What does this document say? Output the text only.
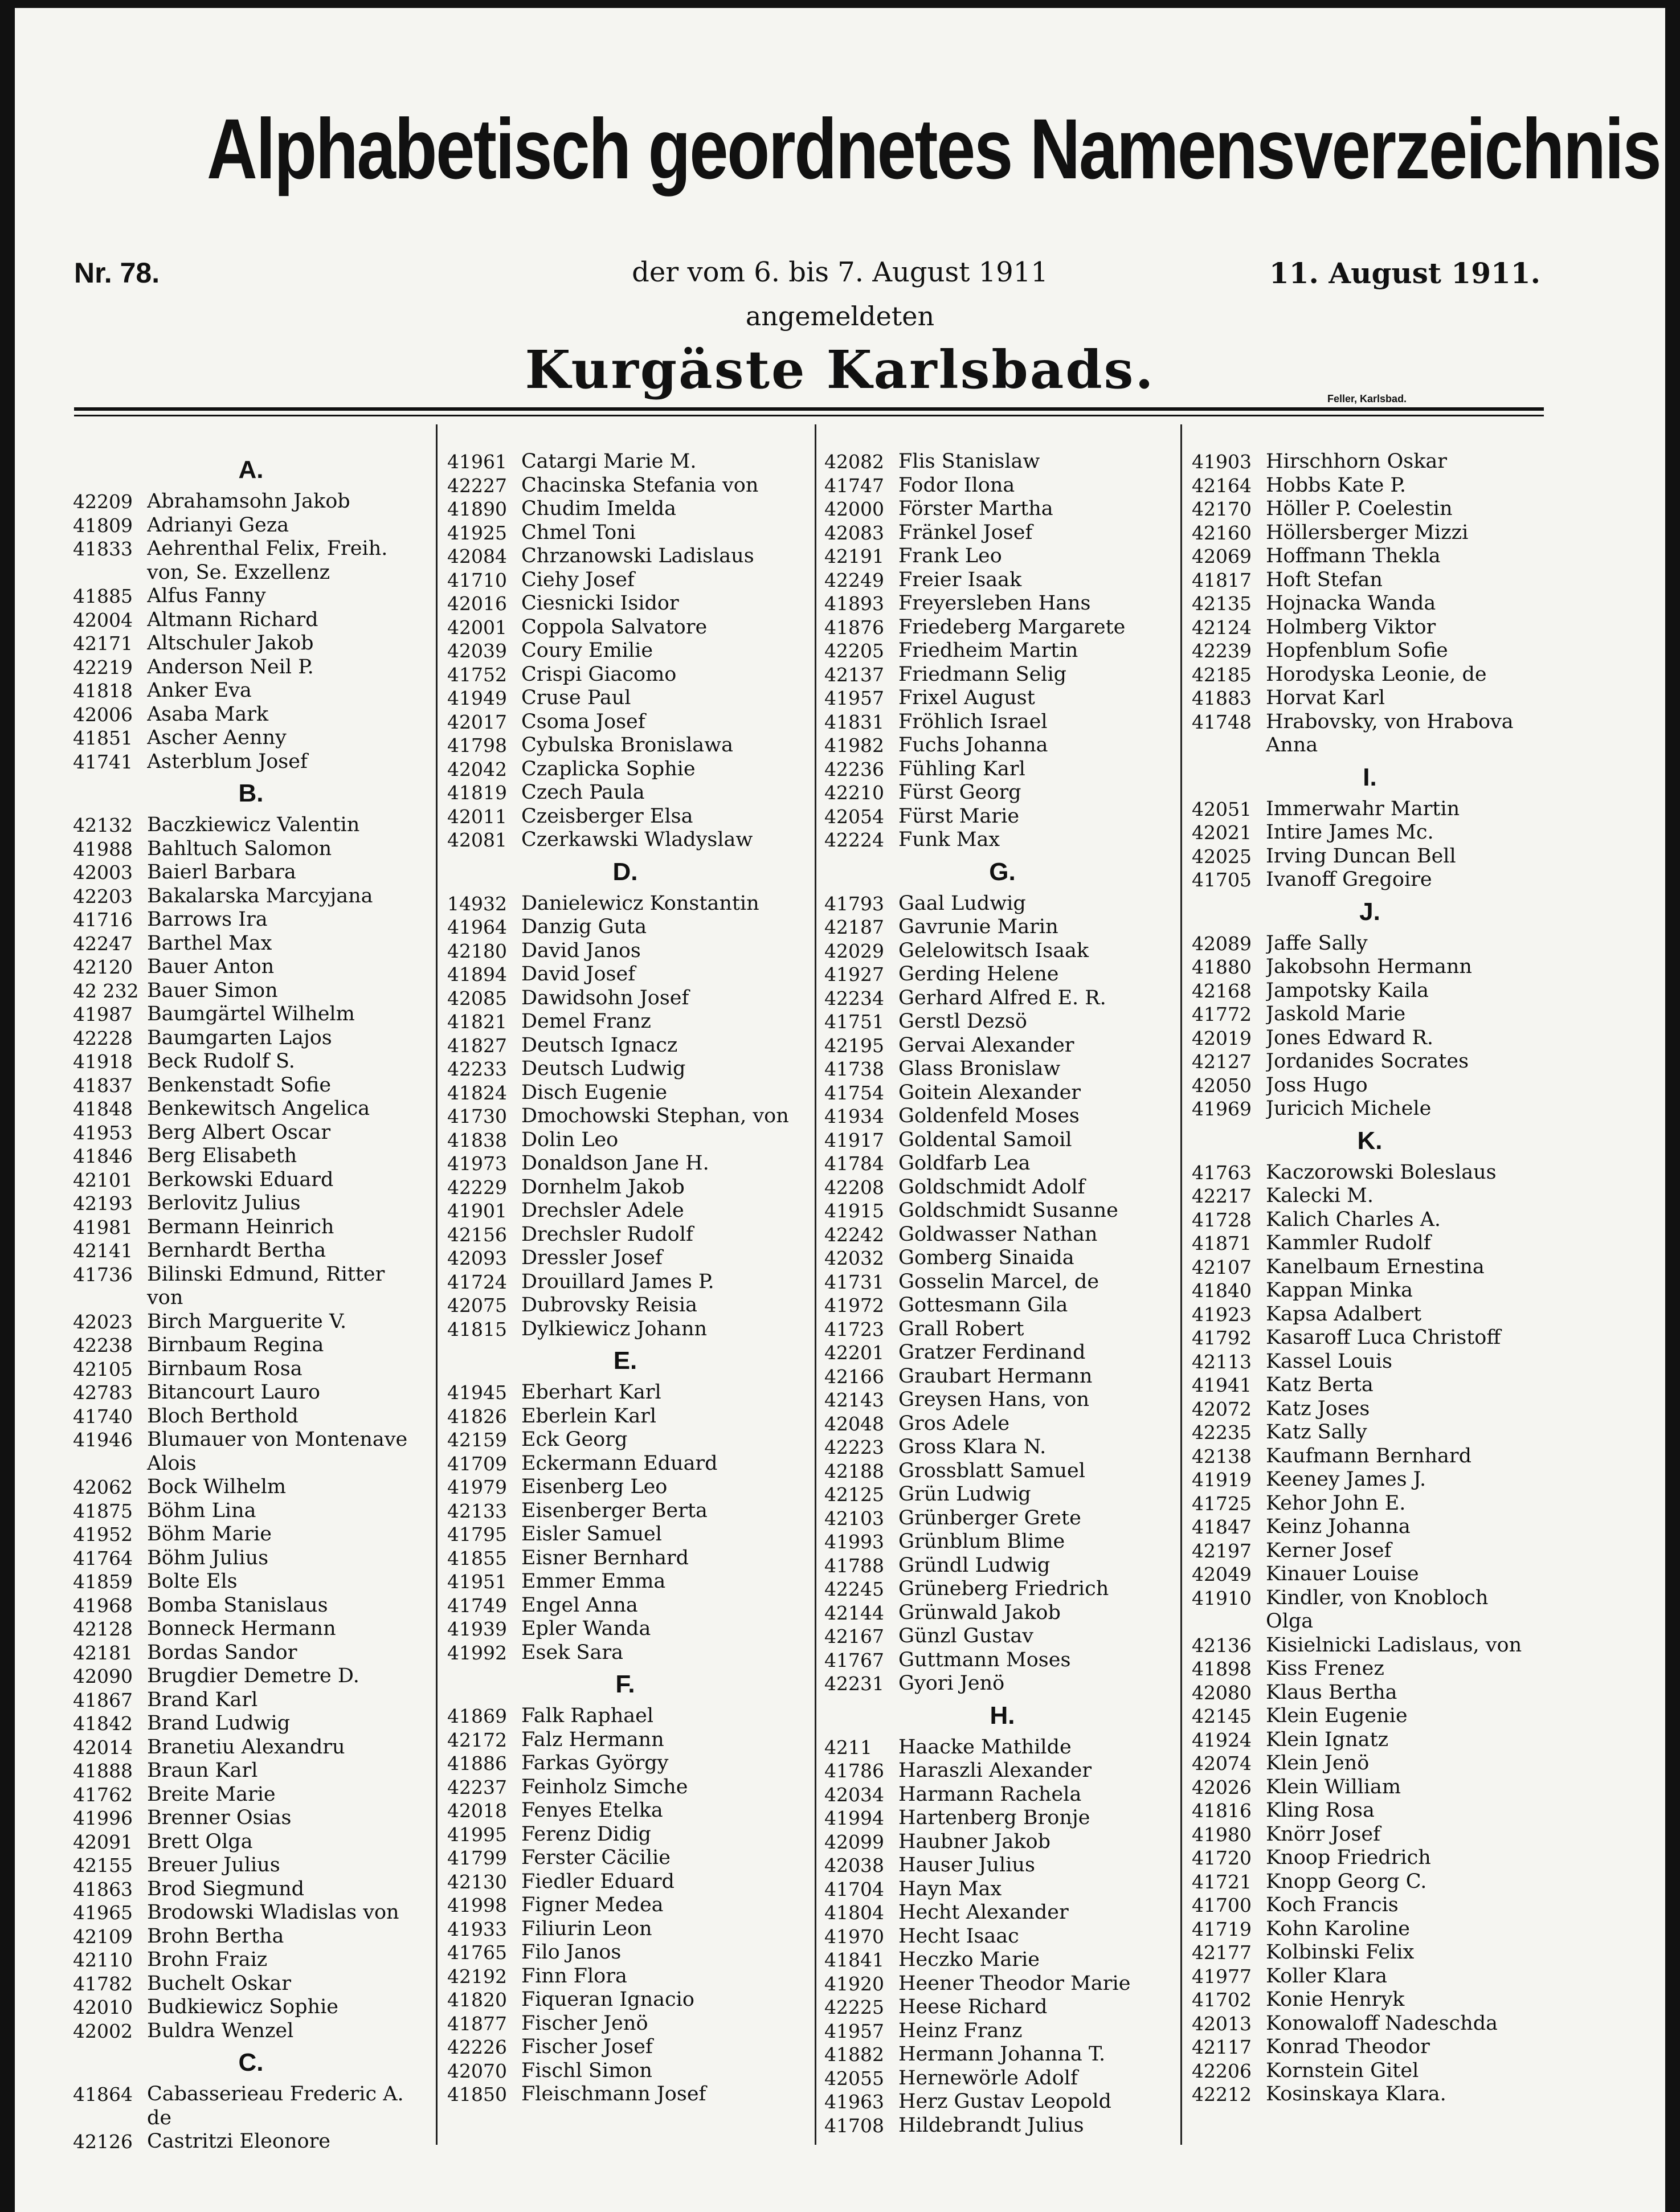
Alphabetisch geordnetes Namensverzeichnis
Nr. 78.	der vom 6. bis 7. August 1911	11. August 1911.
angemeldeten
Kurgäste Karlsbads.	Feller, Karlsbad.
A.
42209 Abrahamsohn Jakob
41809 Adrianyi Geza
41833 Aehrenthal Felix, Freih.
von, Se. Exzellenz
41885 Alfus Fanny
42004 Altmann Richard
42171 Altschuler Jakob
42219 Anderson Neil P.
41818 Anker Eva
42006 Asaba Mark
41851 Ascher Aenny
41741 Asterblum Josef
B.
42132 Baczkiewicz Valentin
41988 Bahltuch Salomon
42003 Baierl Barbara
42203 Bakalarska Marcyjana
41716 Barrows Ira
42247 Barthel Max
42120 Bauer Anton
42 232 Bauer Simon
41987 Baumgärtel Wilhelm
42228 Baumgarten Lajos
41918 Beck Rudolf S.
41837 Benkenstadt Sofie
41848 Benkewitsch Angelica
41953 Berg Albert Oscar
41846 Berg Elisabeth
42101 Berkowski Eduard
42193 Berlovitz Julius
41981 Bermann Heinrich
42141 Bernhardt Bertha
41736 Bilinski Edmund, Ritter
von
42023 Birch Marguerite V.
42238 Birnbaum Regina
42105 Birnbaum Rosa
42783 Bitancourt Lauro
41740 Bloch Berthold
41946 Blumauer von Montenave
Alois
42062 Bock Wilhelm
41875 Böhm Lina
41952 Böhm Marie
41764 Böhm Julius
41859 Bolte Els
41968 Bomba Stanislaus
42128 Bonneck Hermann
42181 Bordas Sandor
42090 Brugdier Demetre D.
41867 Brand Karl
41842 Brand Ludwig
42014 Branetiu Alexandru
41888 Braun Karl
41762 Breite Marie
41996 Brenner Osias
42091 Brett Olga
42155 Breuer Julius
41863 Brod Siegmund
41965 Brodowski Wladislas von
42109 Brohn Bertha
42110 Brohn Fraiz
41782 Buchelt Oskar
42010 Budkiewicz Sophie
42002 Buldra Wenzel
C.
41864 Cabasserieau Frederic A.
de
42126 Castritzi Eleonore
41961 Catargi Marie M.
42227 Chacinska Stefania von
41890 Chudim Imelda
41925 Chmel Toni
42084 Chrzanowski Ladislaus
41710 Ciehy Josef
42016 Ciesnicki Isidor
42001 Coppola Salvatore
42039 Coury Emilie
41752 Crispi Giacomo
41949 Cruse Paul
42017 Csoma Josef
41798 Cybulska Bronislawa
42042 Czaplicka Sophie
41819 Czech Paula
42011 Czeisberger Elsa
42081 Czerkawski Wladyslaw
D.
14932 Danielewicz Konstantin
41964 Danzig Guta
42180 David Janos
41894 David Josef
42085 Dawidsohn Josef
41821 Demel Franz
41827 Deutsch Ignacz
42233 Deutsch Ludwig
41824 Disch Eugenie
41730 Dmochowski Stephan, von
41838 Dolin Leo
41973 Donaldson Jane H.
42229 Dornhelm Jakob
41901 Drechsler Adele
42156 Drechsler Rudolf
42093 Dressler Josef
41724 Drouillard James P.
42075 Dubrovsky Reisia
41815 Dylkiewicz Johann
E.
41945 Eberhart Karl
41826 Eberlein Karl
42159 Eck Georg
41709 Eckermann Eduard
41979 Eisenberg Leo
42133 Eisenberger Berta
41795 Eisler Samuel
41855 Eisner Bernhard
41951 Emmer Emma
41749 Engel Anna
41939 Epler Wanda
41992 Esek Sara
F.
41869 Falk Raphael
42172 Falz Hermann
41886 Farkas György
42237 Feinholz Simche
42018 Fenyes Etelka
41995 Ferenz Didig
41799 Ferster Cäcilie
42130 Fiedler Eduard
41998 Figner Medea
41933 Filiurin Leon
41765 Filo Janos
42192 Finn Flora
41820 Fiqueran Ignacio
41877 Fischer Jenö
42226 Fischer Josef
42070 Fischl Simon
41850 Fleischmann Josef
42082 Flis Stanislaw
41747 Fodor Ilona
42000 Förster Martha
42083 Fränkel Josef
42191 Frank Leo
42249 Freier Isaak
41893 Freyersleben Hans
41876 Friedeberg Margarete
42205 Friedheim Martin
42137 Friedmann Selig
41957 Frixel August
41831 Fröhlich Israel
41982 Fuchs Johanna
42236 Fühling Karl
42210 Fürst Georg
42054 Fürst Marie
42224 Funk Max
G.
41793 Gaal Ludwig
42187 Gavrunie Marin
42029 Gelelowitsch Isaak
41927 Gerding Helene
42234 Gerhard Alfred E. R.
41751 Gerstl Dezsö
42195 Gervai Alexander
41738 Glass Bronislaw
41754 Goitein Alexander
41934 Goldenfeld Moses
41917 Goldental Samoil
41784 Goldfarb Lea
42208 Goldschmidt Adolf
41915 Goldschmidt Susanne
42242 Goldwasser Nathan
42032 Gomberg Sinaida
41731 Gosselin Marcel, de
41972 Gottesmann Gila
41723 Grall Robert
42201 Gratzer Ferdinand
42166 Graubart Hermann
42143 Greysen Hans, von
42048 Gros Adele
42223 Gross Klara N.
42188 Grossblatt Samuel
42125 Grün Ludwig
42103 Grünberger Grete
41993 Grünblum Blime
41788 Gründl Ludwig
42245 Grüneberg Friedrich
42144 Grünwald Jakob
42167 Günzl Gustav
41767 Guttmann Moses
42231 Gyori Jenö
H.
4211	Haacke Mathilde
41786 Haraszli Alexander
42034 Harmann Rachela
41994 Hartenberg Bronje
42099 Haubner Jakob
42038 Hauser Julius
41704 Hayn Max
41804 Hecht Alexander
41970 Hecht Isaac
41841 Heczko Marie
41920 Heener Theodor Marie
42225 Heese Richard
41957 Heinz Franz
41882 Hermann Johanna T.
42055 Hernewörle Adolf
41963 Herz Gustav Leopold
41708 Hildebrandt Julius
41903 Hirschhorn Oskar
42164 Hobbs Kate P.
42170 Höller P. Coelestin
42160 Höllersberger Mizzi
42069 Hoffmann Thekla
41817 Hoft Stefan
42135 Hojnacka Wanda
42124 Holmberg Viktor
42239 Hopfenblum Sofie
42185 Horodyska Leonie, de
41883 Horvat Karl
41748 Hrabovsky, von Hrabova
Anna
I.
42051 Immerwahr Martin
42021 Intire James Mc.
42025 Irving Duncan Bell
41705 Ivanoff Gregoire
J.
42089 Jaffe Sally
41880 Jakobsohn Hermann
42168 Jampotsky Kaila
41772 Jaskold Marie
42019 Jones Edward R.
42127 Jordanides Socrates
42050 Joss Hugo
41969 Juricich Michele
K.
41763 Kaczorowski Boleslaus
42217 Kalecki M.
41728 Kalich Charles A.
41871 Kammler Rudolf
42107 Kanelbaum Ernestina
41840 Kappan Minka
41923 Kapsa Adalbert
41792 Kasaroff Luca Christoff
42113 Kassel Louis
41941 Katz Berta
42072 Katz Joses
42235 Katz Sally
42138 Kaufmann Bernhard
41919 Keeney James J.
41725 Kehor John E.
41847 Keinz Johanna
42197 Kerner Josef
42049 Kinauer Louise
41910 Kindler, von Knobloch
Olga
42136 Kisielnicki Ladislaus, von
41898 Kiss Frenez
42080 Klaus Bertha
42145 Klein Eugenie
41924 Klein Ignatz
42074 Klein Jenö
42026 Klein William
41816 Kling Rosa
41980 Knörr Josef
41720 Knoop Friedrich
41721 Knopp Georg C.
41700 Koch Francis
41719 Kohn Karoline
42177 Kolbinski Felix
41977 Koller Klara
41702 Konie Henryk
42013 Konowaloff Nadeschda
42117 Konrad Theodor
42206 Kornstein Gitel
42212 Kosinskaya Klara.
